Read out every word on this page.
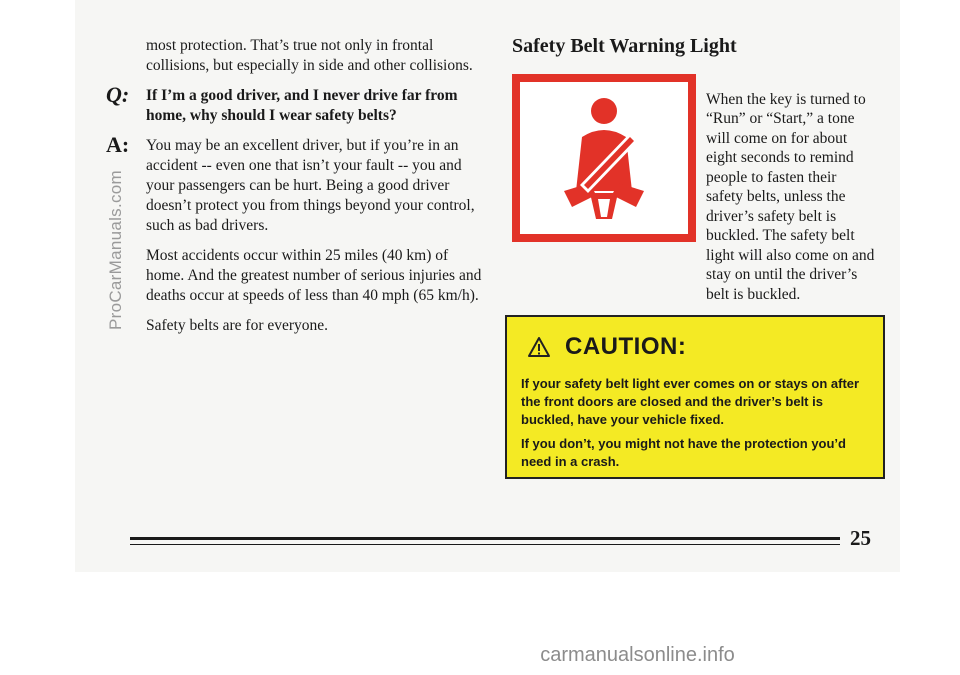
ProCarManuals.com

most protection. That’s true not only in frontal collisions, but especially in side and other collisions.

Q: If I’m a good driver, and I never drive far from home, why should I wear safety belts?

A: You may be an excellent driver, but if you’re in an accident -- even one that isn’t your fault -- you and your passengers can be hurt. Being a good driver doesn’t protect you from things beyond your control, such as bad drivers.

Most accidents occur within 25 miles (40 km) of home. And the greatest number of serious injuries and deaths occur at speeds of less than 40 mph (65 km/h).

Safety belts are for everyone.

Safety Belt Warning Light

When the key is turned to “Run” or “Start,” a tone will come on for about eight seconds to remind people to fasten their safety belts, unless the driver’s safety belt is buckled. The safety belt light will also come on and stay on until the driver’s belt is buckled.

CAUTION:

If your safety belt light ever comes on or stays on after the front doors are closed and the driver’s belt is buckled, have your vehicle fixed.

If you don’t, you might not have the protection you’d need in a crash.

25
carmanualsonline.info
